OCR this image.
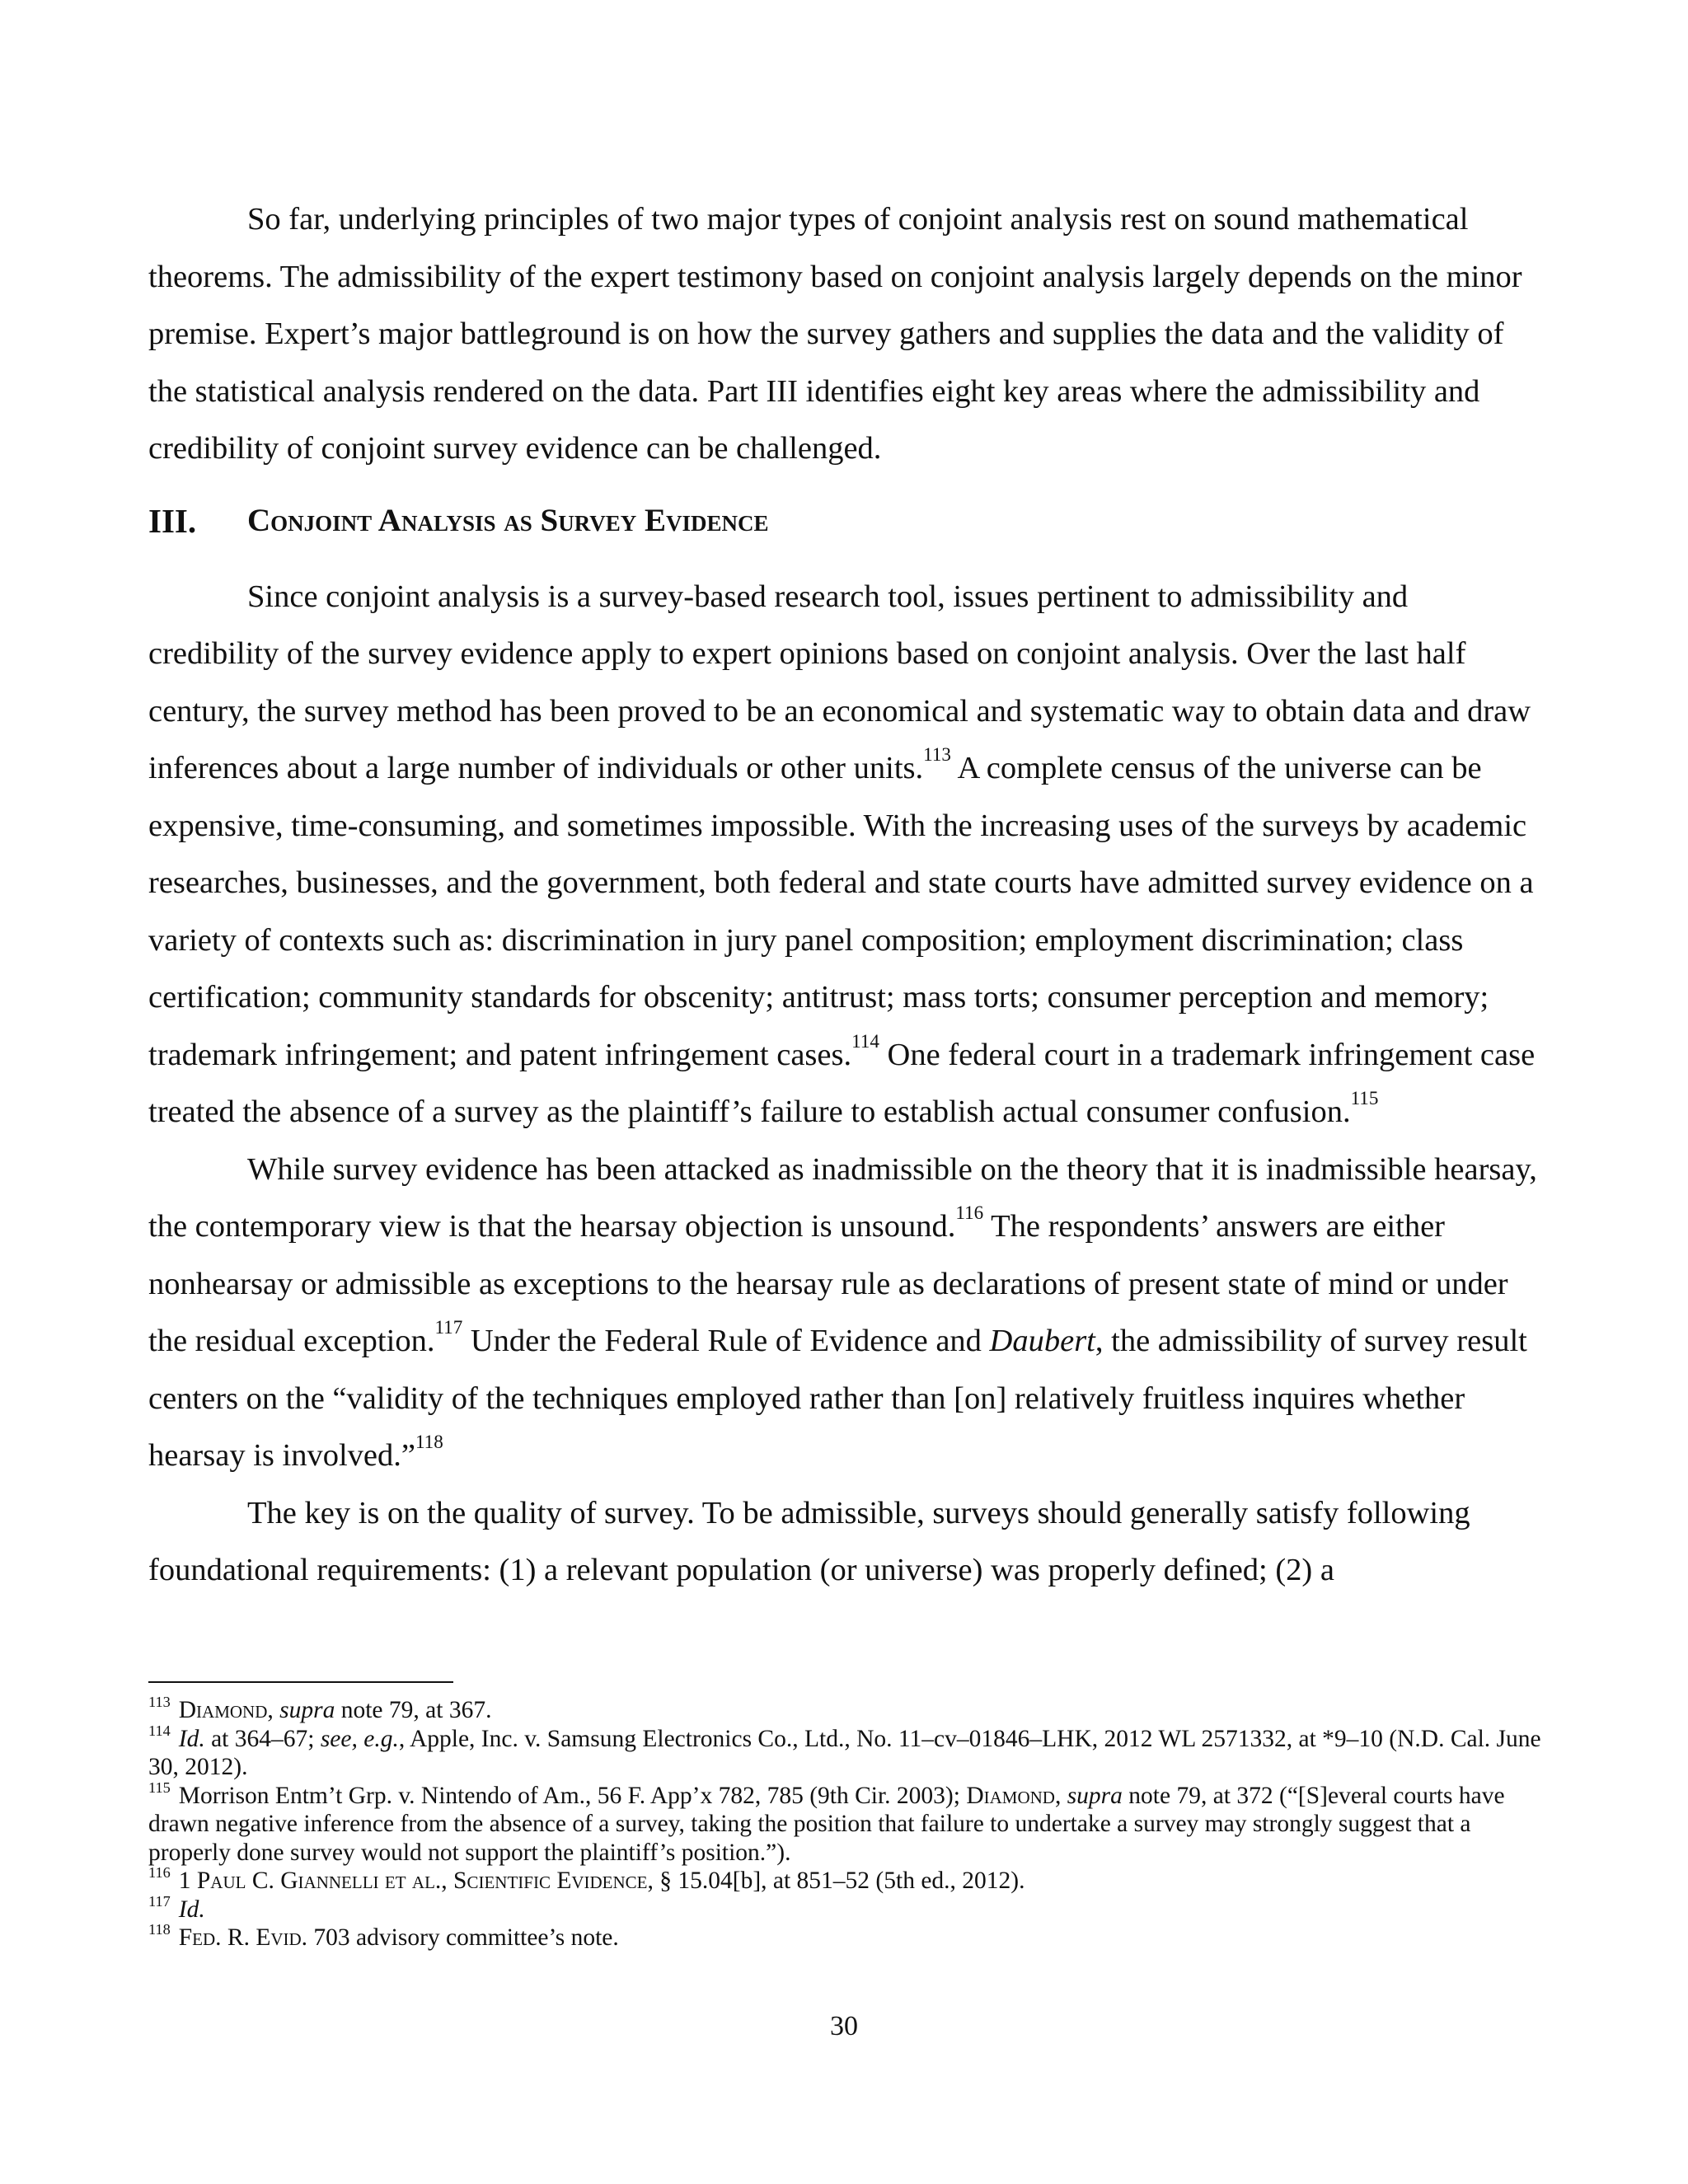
So far, underlying principles of two major types of conjoint analysis rest on sound mathematical theorems. The admissibility of the expert testimony based on conjoint analysis largely depends on the minor premise. Expert’s major battleground is on how the survey gathers and supplies the data and the validity of the statistical analysis rendered on the data. Part III identifies eight key areas where the admissibility and credibility of conjoint survey evidence can be challenged.

III.	Conjoint Analysis as Survey Evidence

Since conjoint analysis is a survey-based research tool, issues pertinent to admissibility and credibility of the survey evidence apply to expert opinions based on conjoint analysis. Over the last half century, the survey method has been proved to be an economical and systematic way to obtain data and draw inferences about a large number of individuals or other units.$^{113}$ A complete census of the universe can be expensive, time-consuming, and sometimes impossible. With the increasing uses of the surveys by academic researches, businesses, and the government, both federal and state courts have admitted survey evidence on a variety of contexts such as: discrimination in jury panel composition; employment discrimination; class certification; community standards for obscenity; antitrust; mass torts; consumer perception and memory; trademark infringement; and patent infringement cases.$^{114}$ One federal court in a trademark infringement case treated the absence of a survey as the plaintiff’s failure to establish actual consumer confusion.$^{115}$

While survey evidence has been attacked as inadmissible on the theory that it is inadmissible hearsay, the contemporary view is that the hearsay objection is unsound.$^{116}$ The respondents’ answers are either nonhearsay or admissible as exceptions to the hearsay rule as declarations of present state of mind or under the residual exception.$^{117}$ Under the Federal Rule of Evidence and Daubert, the admissibility of survey result centers on the “validity of the techniques employed rather than [on] relatively fruitless inquires whether hearsay is involved.”$^{118}$

The key is on the quality of survey. To be admissible, surveys should generally satisfy following foundational requirements: (1) a relevant population (or universe) was properly defined; (2) a

$^{113}$ Diamond, supra note 79, at 367.

$^{114}$ Id. at 364–67; see, e.g., Apple, Inc. v. Samsung Electronics Co., Ltd., No. 11–cv–01846–LHK, 2012 WL 2571332, at *9–10 (N.D. Cal. June 30, 2012).

$^{115}$ Morrison Entm’t Grp. v. Nintendo of Am., 56 F. App’x 782, 785 (9th Cir. 2003); Diamond, supra note 79, at 372 (“[S]everal courts have drawn negative inference from the absence of a survey, taking the position that failure to undertake a survey may strongly suggest that a properly done survey would not support the plaintiff’s position.”).

$^{116}$ 1 Paul C. Giannelli et al., Scientific Evidence, § 15.04[b], at 851–52 (5th ed., 2012).

$^{117}$ Id.

$^{118}$ Fed. R. Evid. 703 advisory committee’s note.

30
